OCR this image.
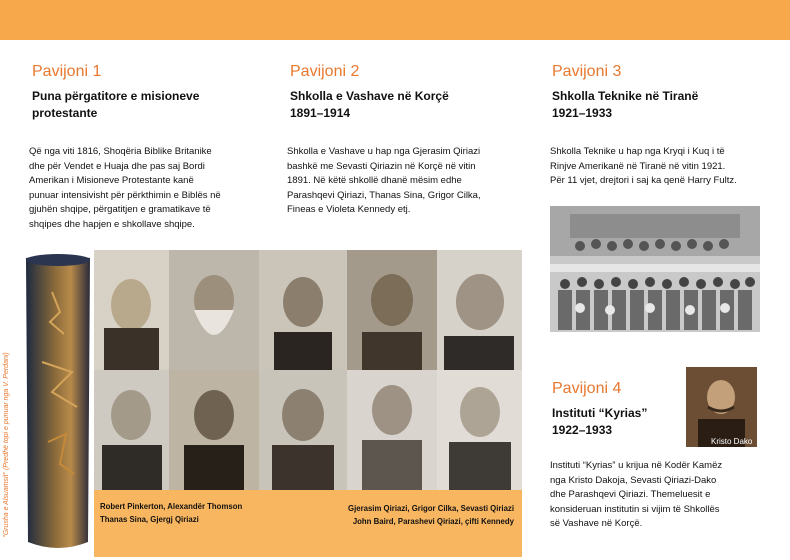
Pavijoni 1
Puna përgatitore e misioneve
protestante
Që nga viti 1816, Shoqëria Biblike Britanike
dhe për Vendet e Huaja dhe pas saj Bordi
Amerikan i Misioneve Protestante kanë
punuar intensivisht për përkthimin e Biblës në
gjuhën shqipe, përgatitjen e gramatikave të
shqipes dhe hapjen e shkollave shqipe.
Pavijoni 2
Shkolla e Vashave në Korçë
1891–1914
Shkolla e Vashave u hap nga Gjerasim Qiriazi
bashkë me Sevasti Qiriazin në Korçë në vitin
1891. Në këtë shkollë dhanë mësim edhe
Parashqevi Qiriazi, Thanas Sina, Grigor Cilka,
Fineas e Violeta Kennedy etj.
Pavijoni 3
Shkolla Teknike në Tiranë
1921–1933
Shkolla Teknike u hap nga Kryqi i Kuq i të
Rinjve Amerikanë në Tiranë në vitin 1921.
Për 11 vjet, drejtori i saj ka qenë Harry Fultz.
"Grusha e Alsuamsit" (Predhë topi e punuar nga V. Perdani)	Robert Pinkerton, Alexandër Thomson
Thanas Sina, Gjergj Qiriazi
Gjerasim Qiriazi, Grigor Cilka, Sevasti Qiriazi
John Baird, Parashevi Qiriazi, çifti Kennedy
Pavijoni 4
Instituti “Kyrias”
1922–1933
Instituti “Kyrias” u krijua në Kodër Kamëz
nga Kristo Dakoja, Sevasti Qiriazi-Dako
dhe Parashqevi Qiriazi. Themeluesit e
konsideruan institutin si vijim të Shkollës
së Vashave në Korçë.
Kristo Dako
